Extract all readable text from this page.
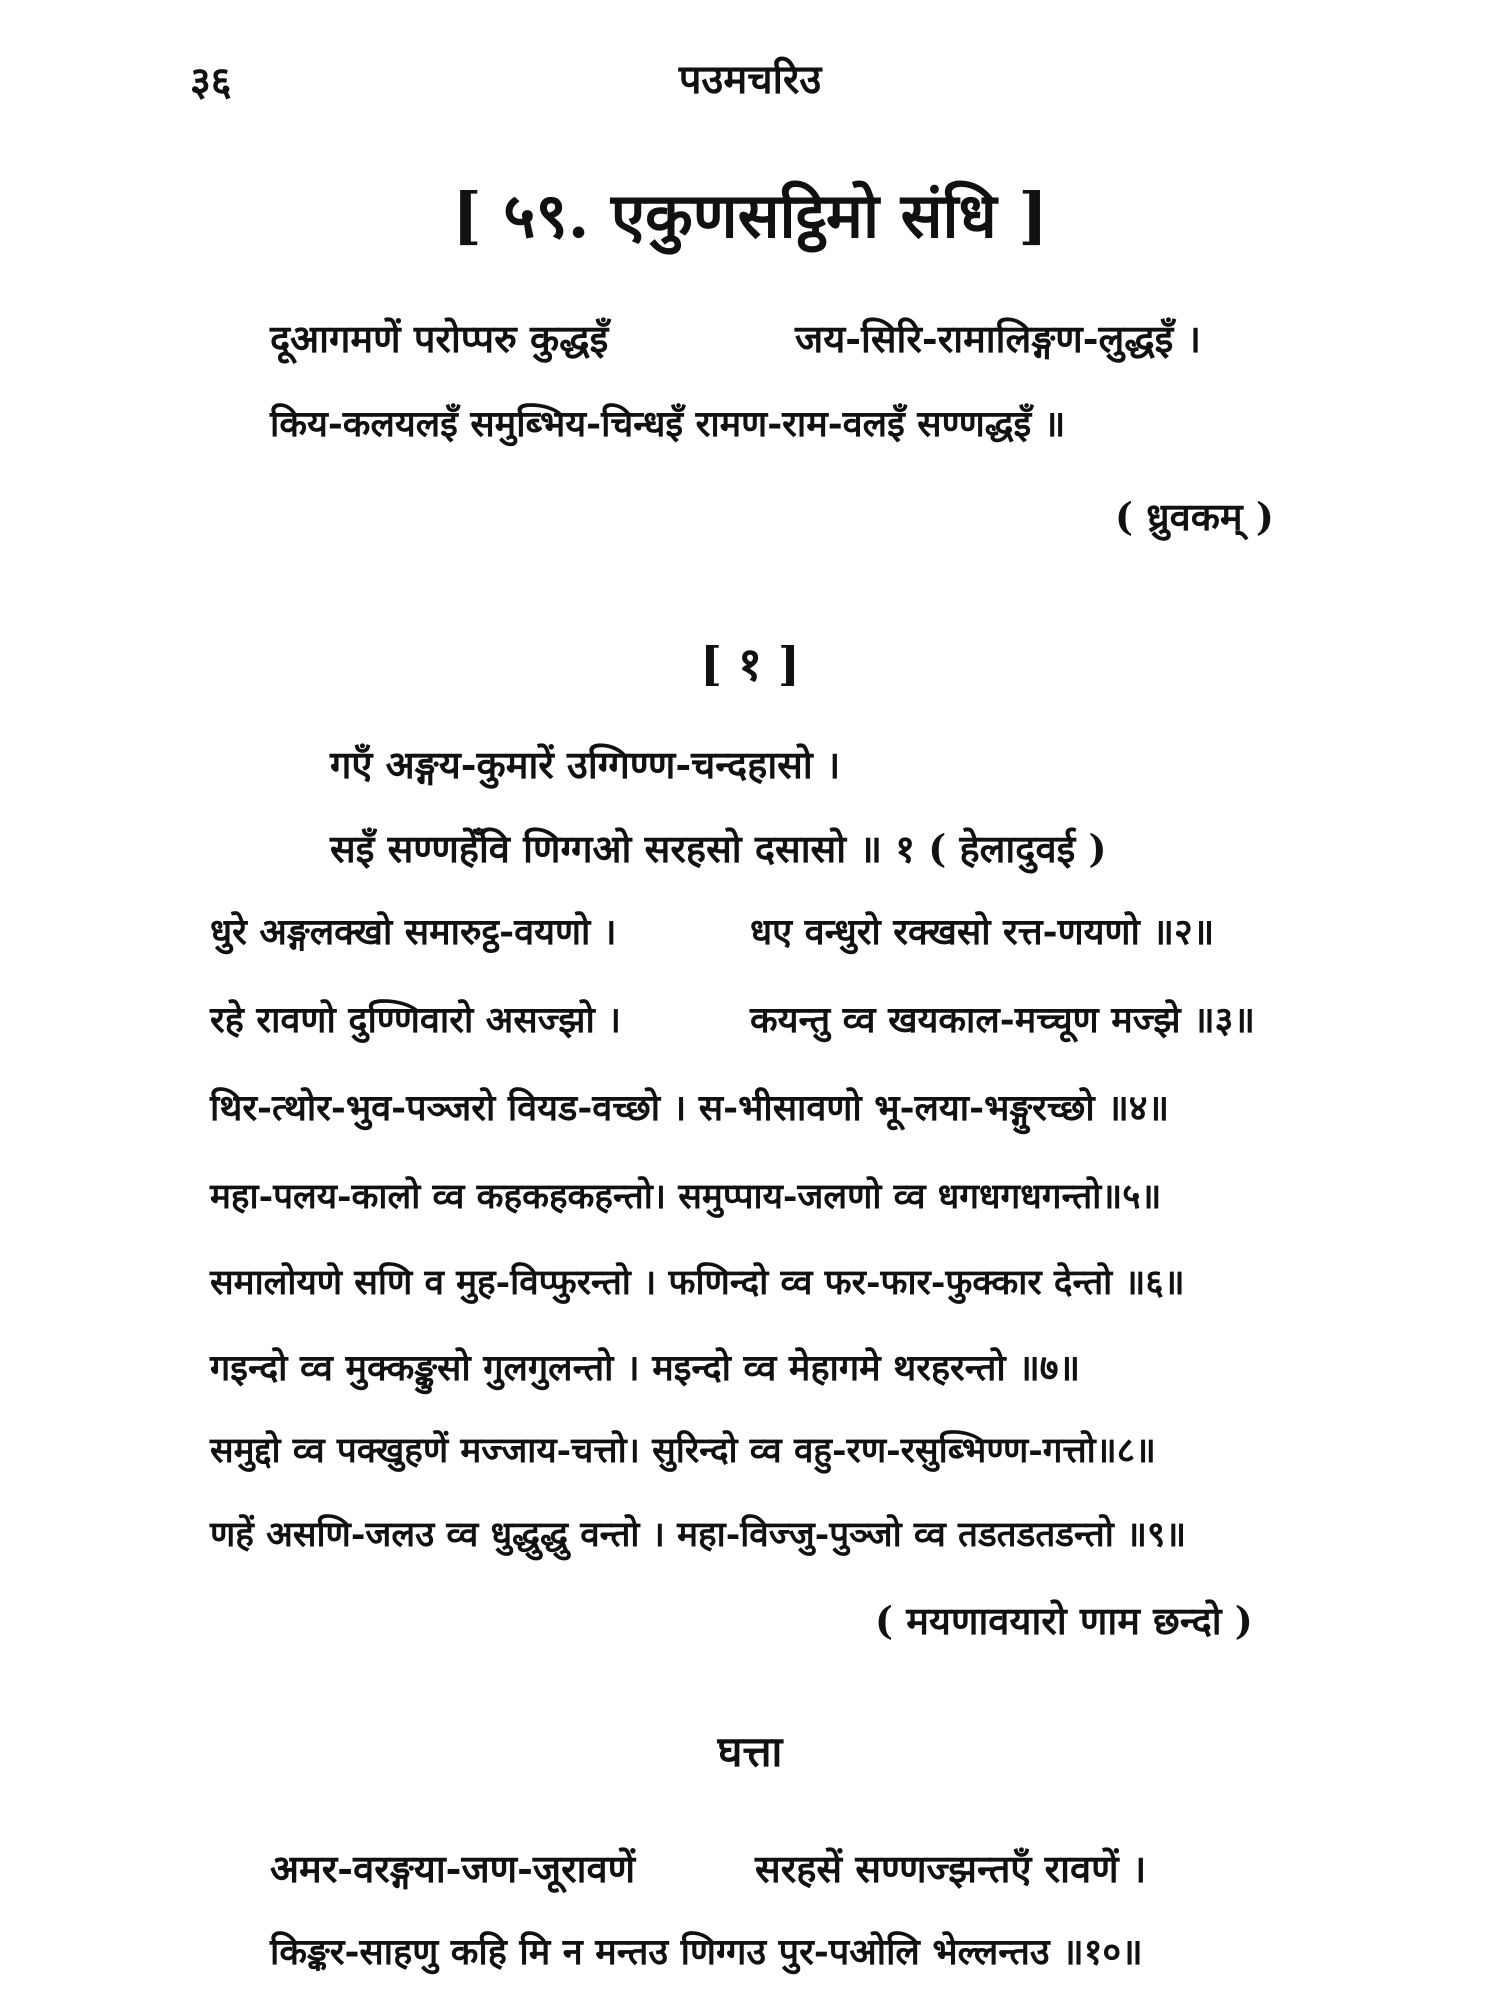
३६	पउमचरिउ
[ ५९. एकुणसट्ठिमो संधि ]
दूआगमणें परोप्परु कुद्धइँ	जय-सिरि-रामालिङ्गण-लुद्धइँ ।
किय-कलयलइँ समुब्भिय-चिन्धइँ रामण-राम-वलइँ सण्णद्धइँ ॥
( ध्रुवकम् )
[ १ ]
गएँ अङ्गय-कुमारें उग्गिण्ण-चन्दहासो ।
सइँ सण्णहेँवि णिग्गओ सरहसो दसासो ॥ १ ( हेलादुवई )
धुरे अङ्गलक्खो समारुट्ठ-वयणो ।	धए वन्धुरो रक्खसो रत्त-णयणो ॥२॥
रहे रावणो दुण्णिवारो असज्झो ।	कयन्तु व्व खयकाल-मच्चूण मज्झे ॥३॥
थिर-त्थोर-भुव-पञ्जरो वियड-वच्छो । स-भीसावणो भू-लया-भङ्गुरच्छो ॥४॥
महा-पलय-कालो व्व कहकहकहन्तो। समुप्पाय-जलणो व्व धगधगधगन्तो॥५॥
समालोयणे सणि व मुह-विप्फुरन्तो । फणिन्दो व्व फर-फार-फुक्कार देन्तो ॥६॥
गइन्दो व्व मुक्कङ्कुसो गुलगुलन्तो । मइन्दो व्व मेहागमे थरहरन्तो ॥७॥
समुद्दो व्व पक्खुहणें मज्जाय-चत्तो। सुरिन्दो व्व वहु-रण-रसुब्भिण्ण-गत्तो॥८॥
णहें असणि-जलउ व्व धुद्धुद्धु वन्तो । महा-विज्जु-पुञ्जो व्व तडतडतडन्तो ॥९॥
( मयणावयारो णाम छन्दो )
घत्ता
अमर-वरङ्गया-जण-जूरावणें	सरहसें सण्णज्झन्तएँ रावणें ।
किङ्कर-साहणु कहि मि न मन्तउ णिग्गउ पुर-पओलि भेल्लन्तउ ॥१०॥
